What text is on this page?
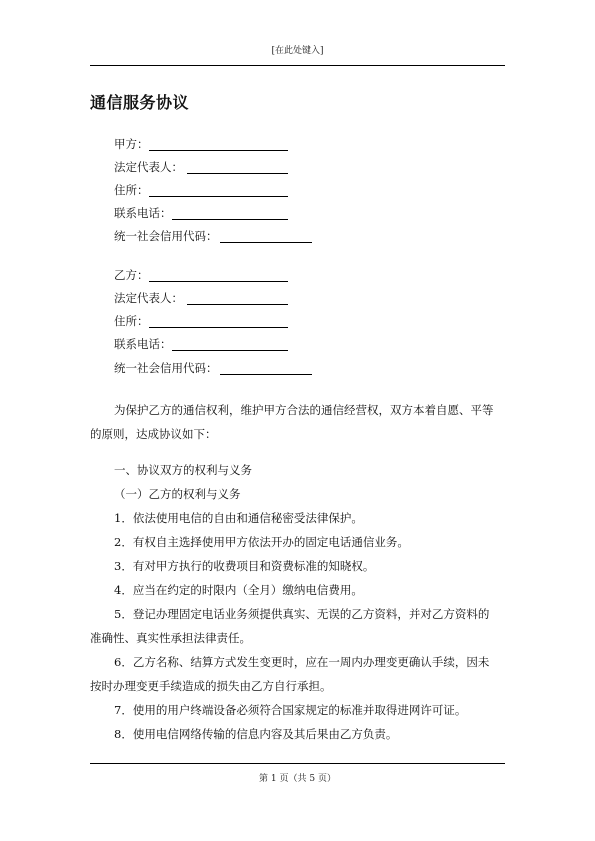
[在此处键入]
通信服务协议
甲方：
法定代表人：
住所：
联系电话：
统一社会信用代码：
乙方：
法定代表人：
住所：
联系电话：
统一社会信用代码：
为保护乙方的通信权利，维护甲方合法的通信经营权，双方本着自愿、平等
的原则，达成协议如下：
一、协议双方的权利与义务
（一）乙方的权利与义务
1．依法使用电信的自由和通信秘密受法律保护。
2．有权自主选择使用甲方依法开办的固定电话通信业务。
3．有对甲方执行的收费项目和资费标准的知晓权。
4．应当在约定的时限内（全月）缴纳电信费用。
5．登记办理固定电话业务须提供真实、无误的乙方资料，并对乙方资料的
准确性、真实性承担法律责任。
6．乙方名称、结算方式发生变更时，应在一周内办理变更确认手续，因未
按时办理变更手续造成的损失由乙方自行承担。
7．使用的用户终端设备必须符合国家规定的标准并取得进网许可证。
8．使用电信网络传输的信息内容及其后果由乙方负责。
第 1 页（共 5 页）
